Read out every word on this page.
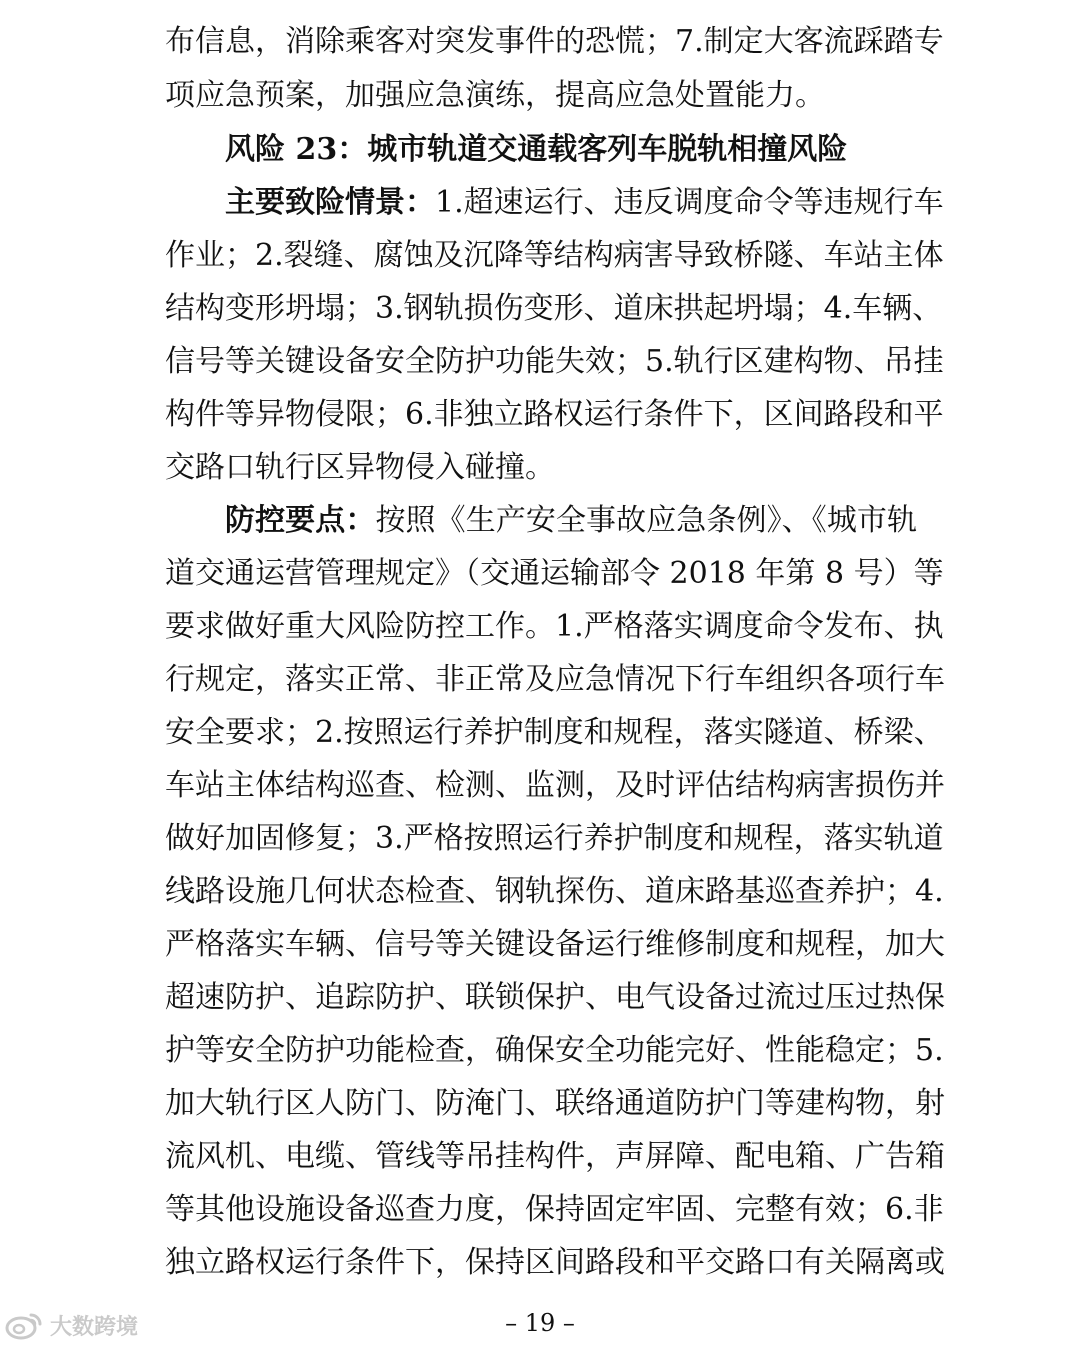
布信息，消除乘客对突发事件的恐慌；7.制定大客流踩踏专
项应急预案，加强应急演练，提高应急处置能力。
风险 23：城市轨道交通载客列车脱轨相撞风险
主要致险情景：1.超速运行、违反调度命令等违规行车
作业；2.裂缝、腐蚀及沉降等结构病害导致桥隧、车站主体
结构变形坍塌；3.钢轨损伤变形、道床拱起坍塌；4.车辆、
信号等关键设备安全防护功能失效；5.轨行区建构物、吊挂
构件等异物侵限；6.非独立路权运行条件下，区间路段和平
交路口轨行区异物侵入碰撞。
防控要点：按照《生产安全事故应急条例》、《城市轨
道交通运营管理规定》（交通运输部令 2018 年第 8 号）等
要求做好重大风险防控工作。1.严格落实调度命令发布、执
行规定，落实正常、非正常及应急情况下行车组织各项行车
安全要求；2.按照运行养护制度和规程，落实隧道、桥梁、
车站主体结构巡查、检测、监测，及时评估结构病害损伤并
做好加固修复；3.严格按照运行养护制度和规程，落实轨道
线路设施几何状态检查、钢轨探伤、道床路基巡查养护；4.
严格落实车辆、信号等关键设备运行维修制度和规程，加大
超速防护、追踪防护、联锁保护、电气设备过流过压过热保
护等安全防护功能检查，确保安全功能完好、性能稳定；5.
加大轨行区人防门、防淹门、联络通道防护门等建构物，射
流风机、电缆、管线等吊挂构件，声屏障、配电箱、广告箱
等其他设施设备巡查力度，保持固定牢固、完整有效；6.非
独立路权运行条件下，保持区间路段和平交路口有关隔离或
– 19 –
大数跨境
